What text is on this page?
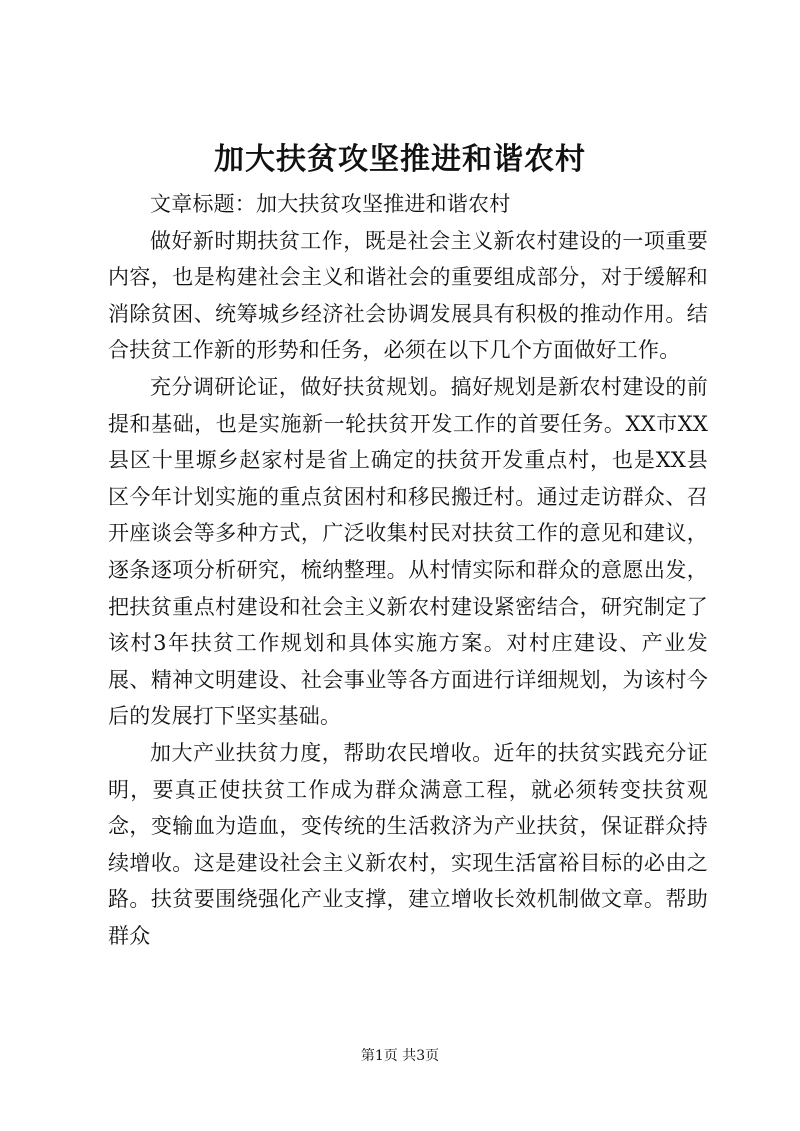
加大扶贫攻坚推进和谐农村

文章标题：加大扶贫攻坚推进和谐农村

做好新时期扶贫工作，既是社会主义新农村建设的一项重要内容，也是构建社会主义和谐社会的重要组成部分，对于缓解和消除贫困、统筹城乡经济社会协调发展具有积极的推动作用。结合扶贫工作新的形势和任务，必须在以下几个方面做好工作。

充分调研论证，做好扶贫规划。搞好规划是新农村建设的前提和基础，也是实施新一轮扶贫开发工作的首要任务。XX市XX县区十里塬乡赵家村是省上确定的扶贫开发重点村，也是XX县区今年计划实施的重点贫困村和移民搬迁村。通过走访群众、召开座谈会等多种方式，广泛收集村民对扶贫工作的意见和建议，逐条逐项分析研究，梳纳整理。从村情实际和群众的意愿出发，把扶贫重点村建设和社会主义新农村建设紧密结合，研究制定了该村3年扶贫工作规划和具体实施方案。对村庄建设、产业发展、精神文明建设、社会事业等各方面进行详细规划，为该村今后的发展打下坚实基础。

加大产业扶贫力度，帮助农民增收。近年的扶贫实践充分证明，要真正使扶贫工作成为群众满意工程，就必须转变扶贫观念，变输血为造血，变传统的生活救济为产业扶贫，保证群众持续增收。这是建设社会主义新农村，实现生活富裕目标的必由之路。扶贫要围绕强化产业支撑，建立增收长效机制做文章。帮助群众

第1页 共3页
